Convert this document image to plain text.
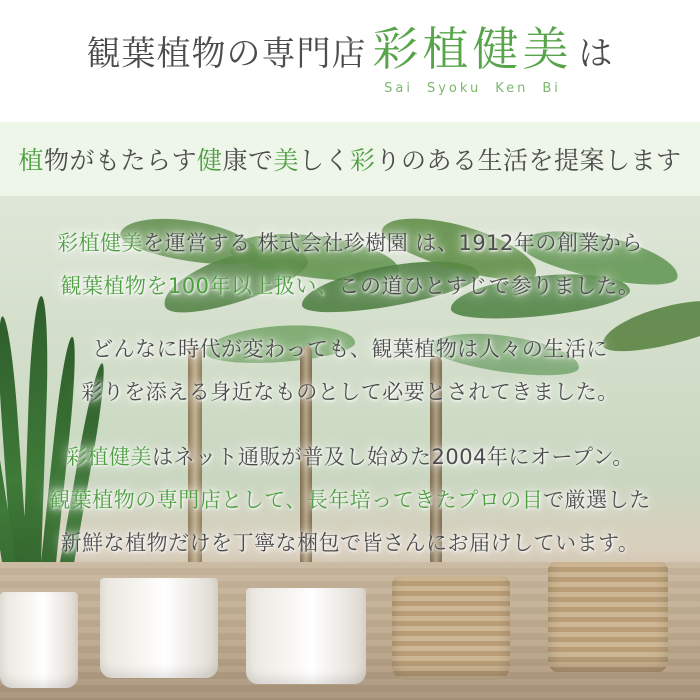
観葉植物の専門店 彩植健美
Sai Syoku Ken Bi
は
植物がもたらす健康で美しく彩りのある生活を提案します
彩植健美を運営する 株式会社珍樹園 は、1912年の創業から
観葉植物を100年以上扱い、この道ひとすじで参りました。
どんなに時代が変わっても、観葉植物は人々の生活に
彩りを添える身近なものとして必要とされてきました。
彩植健美はネット通販が普及し始めた2004年にオープン。
観葉植物の専門店として、長年培ってきたプロの目で厳選した
新鮮な植物だけを丁寧な梱包で皆さんにお届けしています。
